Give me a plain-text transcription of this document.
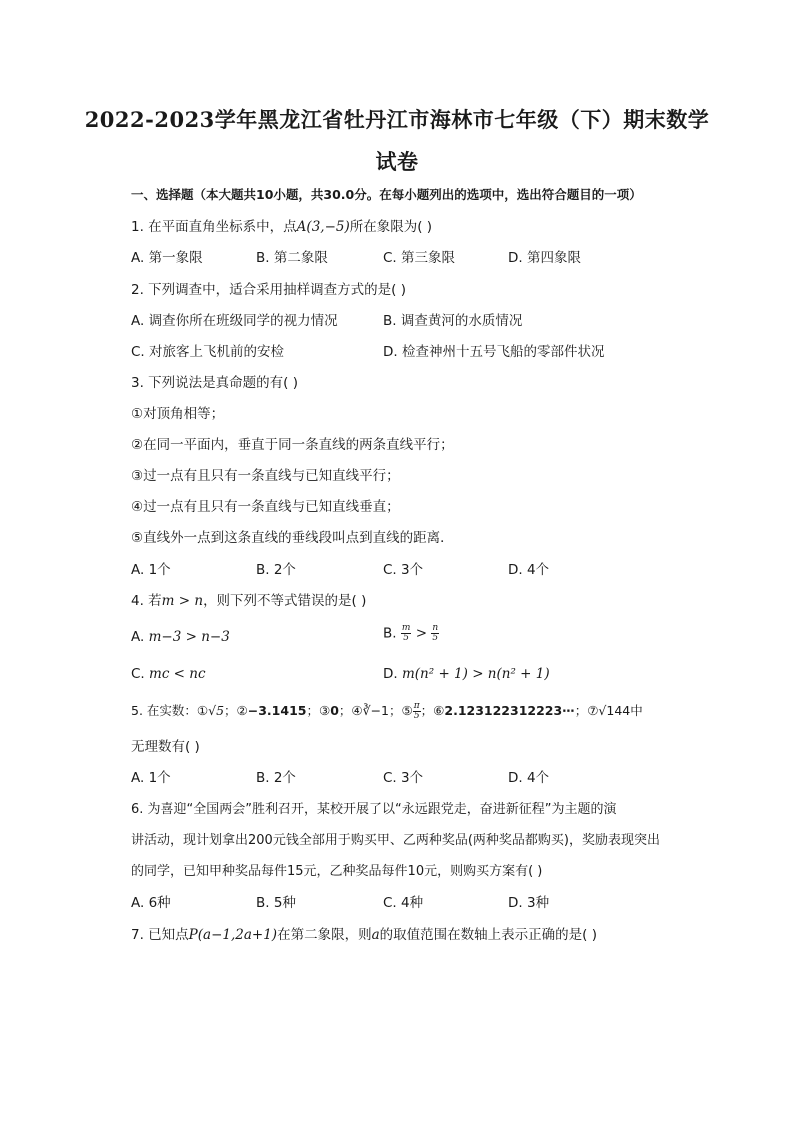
2022-2023学年黑龙江省牡丹江市海林市七年级（下）期末数学
试卷
一、选择题（本大题共10小题，共30.0分。在每小题列出的选项中，选出符合题目的一项）
1. 在平面直角坐标系中，点A(3,−5)所在象限为( )
A. 第一象限	B. 第二象限	C. 第三象限	D. 第四象限
2. 下列调查中，适合采用抽样调查方式的是( )
A. 调查你所在班级同学的视力情况	B. 调查黄河的水质情况
C. 对旅客上飞机前的安检	D. 检查神州十五号飞船的零部件状况
3. 下列说法是真命题的有( )
①对顶角相等；
②在同一平面内，垂直于同一条直线的两条直线平行；
③过一点有且只有一条直线与已知直线平行；
④过一点有且只有一条直线与已知直线垂直；
⑤直线外一点到这条直线的垂线段叫点到直线的距离．
A. 1个	B. 2个	C. 3个	D. 4个
4. 若m > n，则下列不等式错误的是( )
A. m−3 > n−3	B. $\frac{m}{5} > \frac{n}{5}$
C. mc < nc	D. m(n² + 1) > n(n² + 1)
5. 在实数：①√5；②−3.1415；③0；④∛−1；⑤ $\frac{\pi}{5}$ ；⑥2.123122312223⋯；⑦√144中
无理数有( )
A. 1个	B. 2个	C. 3个	D. 4个
6. 为喜迎“全国两会”胜利召开，某校开展了以“永远跟党走，奋进新征程”为主题的演
讲活动，现计划拿出200元钱全部用于购买甲、乙两种奖品(两种奖品都购买)，奖励表现突出
的同学，已知甲种奖品每件15元，乙种奖品每件10元，则购买方案有( )
A. 6种	B. 5种	C. 4种	D. 3种
7. 已知点P(a−1,2a+1)在第二象限，则a的取值范围在数轴上表示正确的是( )
